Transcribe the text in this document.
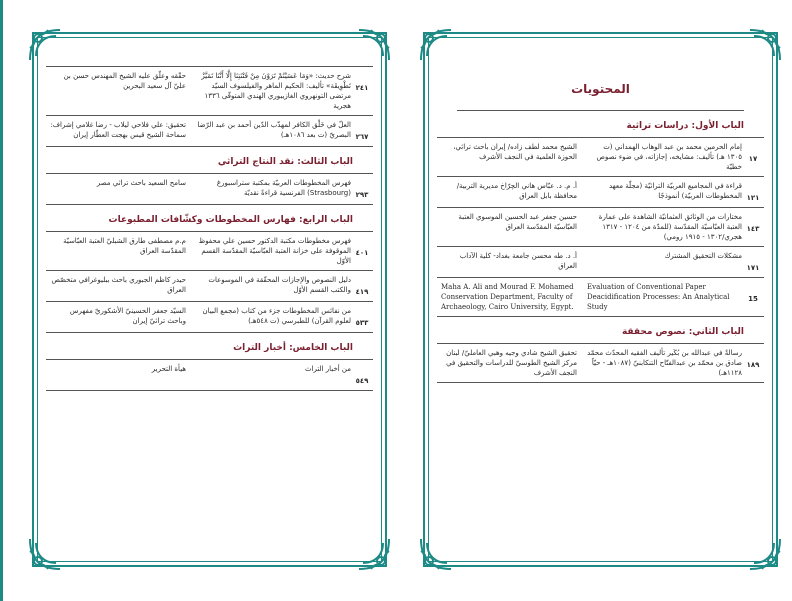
٢٤١
شرح حديث: «وَمَا عَسَيْتُمْ تَرَوْنَ مِنْ فَتْنَتِنَا إِلَّا أَنَّنَا تَمَيَّزْ تَطْوِيقَة» تأليف: الحكيم الماهر والفيلسوف السيّد مرتضى التونهروي الغازيبوري الهندي المتوفّى ١٣٣٦ هجرية
حقّقه وعلّق عليه الشيخ المهندس حسن بن عليّ آل سعيد البحرين
٢٦٧
العلّ في خَلْق الكافر لمهذّب الدّين أحمد بن عبد الرّضا البصريّ (ت بعد ١٠٨٦هـ)
تحقيق: علي فلاحي ليلاب - رضا غلامي إشراف: سماحة الشيخ قيس بهجت العطّار إيران
الباب الثالث: نقد النتاج التراثي
٢٩٣
فهرس المخطوطات العربيّة بمكتبة ستراسبورغ (Strasbourg) الفرنسية قراءةٌ نقديّة
سامح السعيد باحث تراثي مصر
الباب الرابع: فهارس المخطوطات وكشّافات المطبوعات
٤٠١
فهرس مخطوطات مكتبة الدكتور حسين علي محفوظ الموقوفة على خزانة العتبة العبّاسيّة المقدّسة القسم الأوّل
م.م مصطفى طارق الشبليّ العتبة العبّاسيّة المقدّسة العراق
٤١٩
دليل النصوص والإجازات المحقّقة في الموسوعات والكتب القسم الأوّل
حيدر كاظم الجبوري باحث ببليوغرافي متخصّص العراق
٥٣٣
من نفائس المخطوطات جزء من كتاب (مجمع البيان لعلوم القرآن) للطبرسي (ت ٥٤٨هـ)
السيّد جعفر الحسينيّ الأشكوريّ مفهرس وباحث تراثيّ إيران
الباب الخامس: أخبار التراث
٥٤٩
من أخبار التراث
هيأة التحرير
المحتويات
الباب الأول: دراسات تراثية
١٧
إمام الحرمين محمد بن عبد الوهاب الهمداني (ت ١٣٠٥ هـ) تأليف: مشايخه، إجازاته، في ضوء نصوص خطيّة
الشيخ محمد لطف زاده/ إيران باحث تراثي، الحوزة العلمية في النجف الأشرف
١٢١
قراءة في المجاميع العربيّة التراثيّة (مجلّة معهد المخطوطات العربيّة) أنموذجًا
أ. م. د. عبّاس هاني الچرّاخ مديرية التربية/ محافظة بابل العراق
١٤٣
مختارات من الوثائق العثمانيّة الشاهدة على عمارة العتبة العبّاسيّة المقدّسة (للمدّة من ١٢٠٤ - ١٣١٧ هجري/١٣٠٢ - ١٩١٥ رومي)
حسين جعفر عبد الحسين الموسوي العتبة العبّاسيّة المقدّسة العراق
١٧١
مشكلات التحقيق المشترك
أ. د. طه محسن جامعة بغداد- كلية الآداب العراق
15
Evaluation of Conventional Paper Deacidification Processes: An Analytical Study
Maha A. Ali and Mourad F. Mohamed Conservation Department, Faculty of Archaeology, Cairo University, Egypt.
الباب الثاني: نصوص محققة
١٨٩
رسالةٌ في عبدالله بن بُكَير تأليف الفقيه المحدّث محمّد صادق بن محمّد بن عبدالفتّاح التنكابنيّ (١٠٨٧هـ - حيّاً ١١٢٨هـ)
تحقيق الشيخ شادي وجيه وهبي العامليّ/ لبنان مركز الشيخ الطوسيّ للدراسات والتحقيق في النجف الأشرف
